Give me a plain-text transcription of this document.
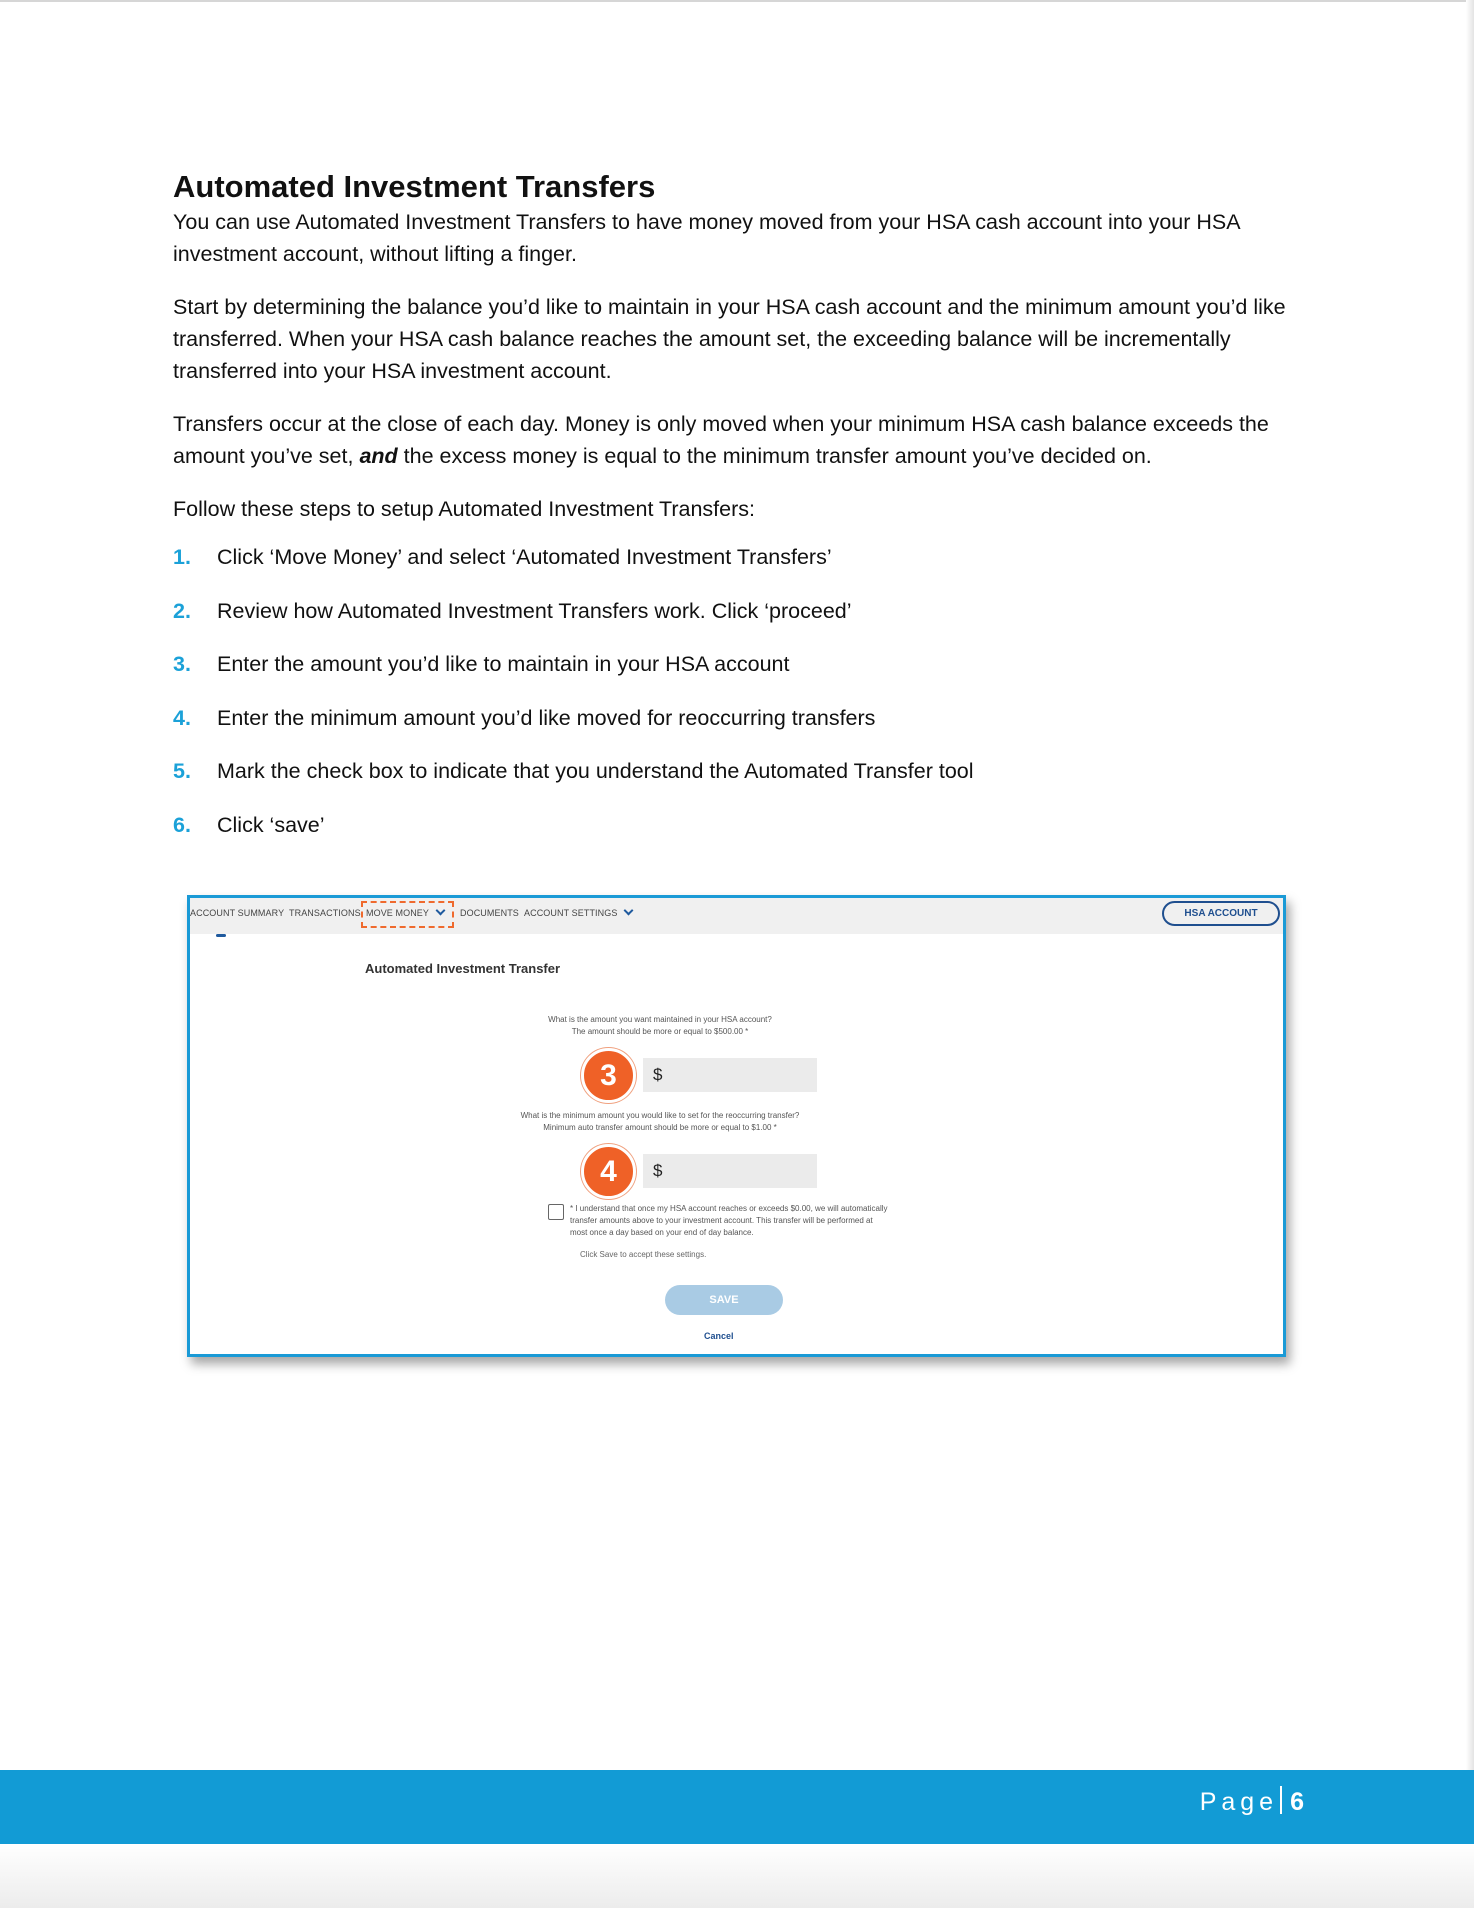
Automated Investment Transfers

You can use Automated Investment Transfers to have money moved from your HSA cash account into your HSA investment account, without lifting a finger.

Start by determining the balance you’d like to maintain in your HSA cash account and the minimum amount you’d like transferred. When your HSA cash balance reaches the amount set, the exceeding balance will be incrementally transferred into your HSA investment account.

Transfers occur at the close of each day. Money is only moved when your minimum HSA cash balance exceeds the amount you’ve set, and the excess money is equal to the minimum transfer amount you’ve decided on.

Follow these steps to setup Automated Investment Transfers:

1.	Click ‘Move Money’ and select ‘Automated Investment Transfers’
2.	Review how Automated Investment Transfers work. Click ‘proceed’
3.	Enter the amount you’d like to maintain in your HSA account
4.	Enter the minimum amount you’d like moved for reoccurring transfers
5.	Mark the check box to indicate that you understand the Automated Transfer tool
6.	Click ‘save’
ACCOUNT SUMMARY TRANSACTIONS MOVE MONEY	DOCUMENTS ACCOUNT SETTINGS	HSA ACCOUNT
Automated Investment Transfer
What is the amount you want maintained in your HSA account?
The amount should be more or equal to $500.00 *
$
3
What is the minimum amount you would like to set for the reoccurring transfer?
Minimum auto transfer amount should be more or equal to $1.00 *
$
4
* I understand that once my HSA account reaches or exceeds $0.00, we will automatically transfer amounts above to your investment account. This transfer will be performed at most once a day based on your end of day balance.
Click Save to accept these settings.
SAVE
Cancel
Page 6
